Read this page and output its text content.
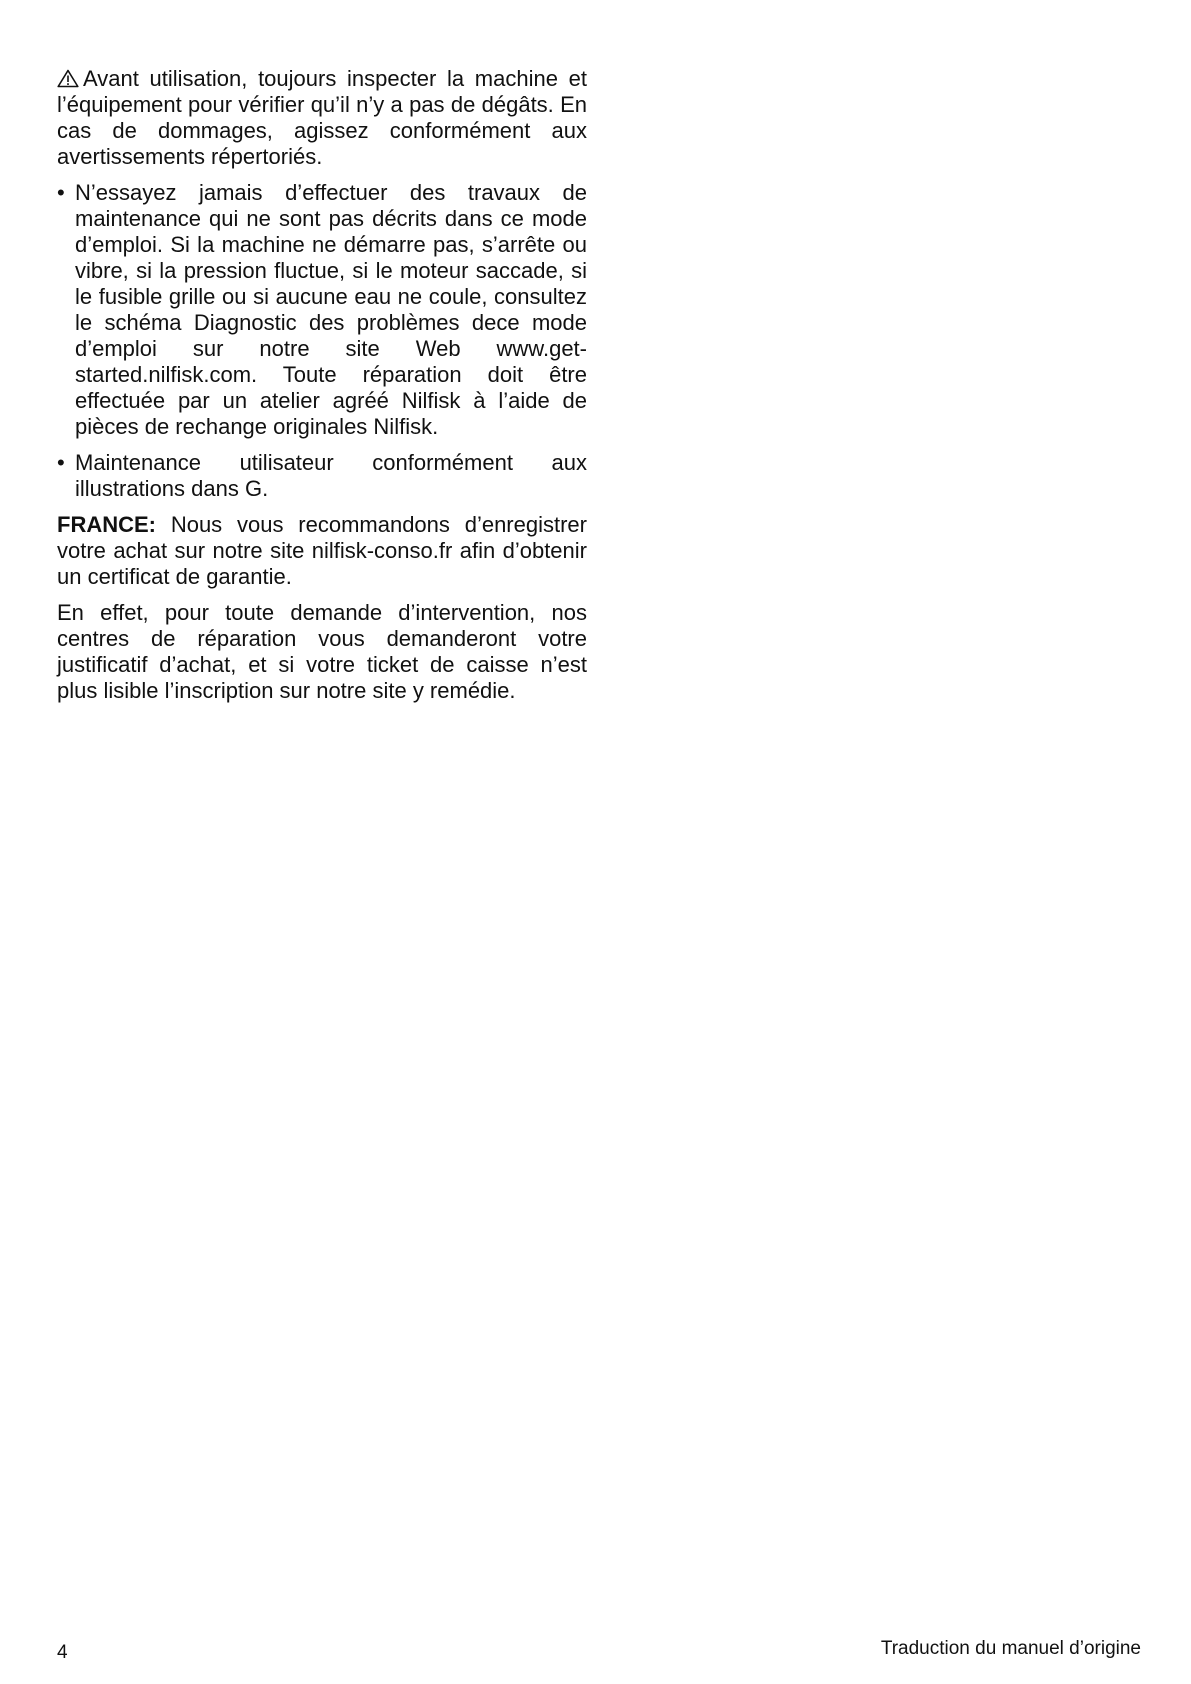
Avant utilisation, toujours inspecter la machine et l’équipement pour vérifier qu’il n’y a pas de dégâts. En cas de dommages, agissez conformément aux avertissements répertoriés.

• N’essayez jamais d’effectuer des travaux de maintenance qui ne sont pas décrits dans ce mode d’emploi. Si la machine ne démarre pas, s’arrête ou vibre, si la pression fluctue, si le moteur saccade, si le fusible grille ou si aucune eau ne coule, consultez le schéma Diagnostic des problèmes dece mode d’emploi sur notre site Web www.get-started.nilfisk.com. Toute réparation doit être effectuée par un atelier agréé Nilfisk à l’aide de pièces de rechange originales Nilfisk.
• Maintenance utilisateur conformément aux illustrations dans G.

FRANCE: Nous vous recommandons d’enregistrer votre achat sur notre site nilfisk-conso.fr afin d’obtenir un certificat de garantie.

En effet, pour toute demande d’intervention, nos centres de réparation vous demanderont votre justificatif d’achat, et si votre ticket de caisse n’est plus lisible l’inscription sur notre site y remédie.

4	Traduction du manuel d’origine
